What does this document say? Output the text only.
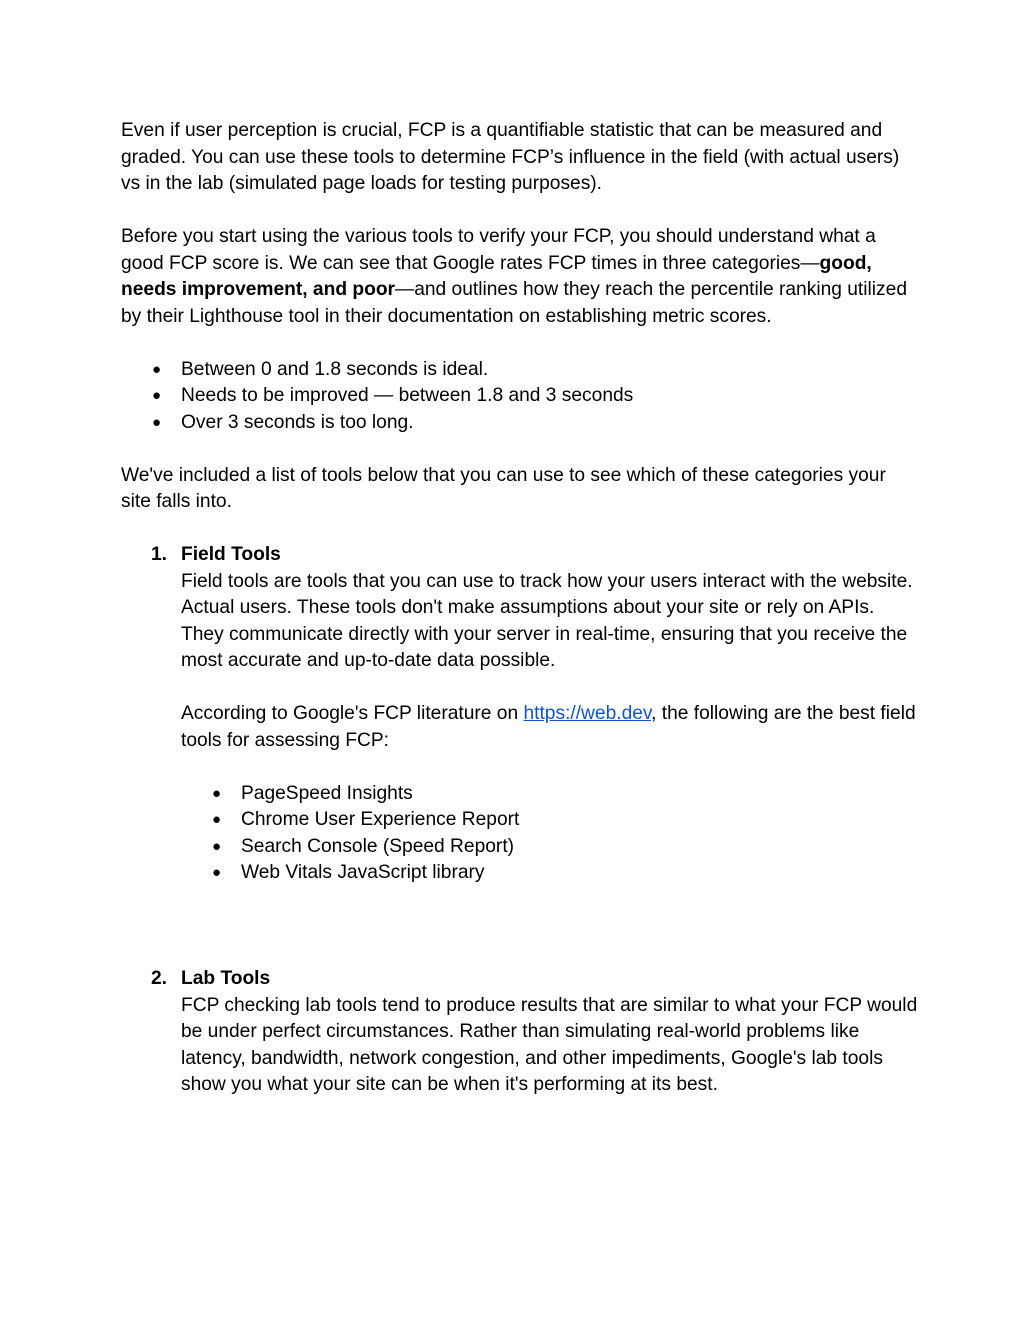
Even if user perception is crucial, FCP is a quantifiable statistic that can be measured and graded. You can use these tools to determine FCP’s influence in the field (with actual users) vs in the lab (simulated page loads for testing purposes).

Before you start using the various tools to verify your FCP, you should understand what a good FCP score is. We can see that Google rates FCP times in three categories—good, needs improvement, and poor—and outlines how they reach the percentile ranking utilized by their Lighthouse tool in their documentation on establishing metric scores.

● Between 0 and 1.8 seconds is ideal.
● Needs to be improved — between 1.8 and 3 seconds
● Over 3 seconds is too long.

We've included a list of tools below that you can use to see which of these categories your site falls into.

1. Field Tools

Field tools are tools that you can use to track how your users interact with the website. Actual users. These tools don't make assumptions about your site or rely on APIs. They communicate directly with your server in real-time, ensuring that you receive the most accurate and up-to-date data possible.

According to Google's FCP literature on https://web.dev, the following are the best field tools for assessing FCP:

● PageSpeed Insights
● Chrome User Experience Report
● Search Console (Speed Report)
● Web Vitals JavaScript library
2. Lab Tools

FCP checking lab tools tend to produce results that are similar to what your FCP would be under perfect circumstances. Rather than simulating real-world problems like latency, bandwidth, network congestion, and other impediments, Google's lab tools show you what your site can be when it's performing at its best.
